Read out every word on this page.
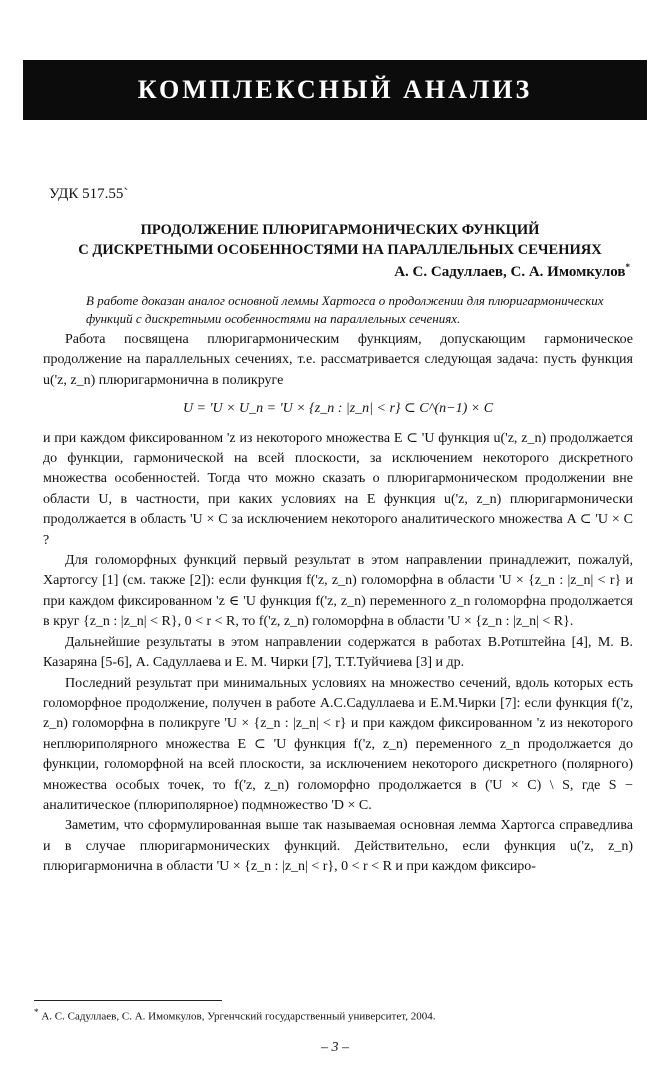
КОМПЛЕКСНЫЙ АНАЛИЗ
УДК 517.55`
ПРОДОЛЖЕНИЕ ПЛЮРИГАРМОНИЧЕСКИХ ФУНКЦИЙ
С ДИСКРЕТНЫМИ ОСОБЕННОСТЯМИ НА ПАРАЛЛЕЛЬНЫХ СЕЧЕНИЯХ
А. С. Садуллаев, С. А. Имомкулов*
В работе доказан аналог основной леммы Хартогса о продолжении для плюригармонических функций с дискретными особенностями на параллельных сечениях.

Работа посвящена плюригармоническим функциям, допускающим гармоническое продолжение на параллельных сечениях, т.е. рассматривается следующая задача: пусть функция u('z, z_n) плюригармонична в поликруге

U = 'U × U_n = 'U × {z_n : |z_n| < r} ⊂ C^(n−1) × C

и при каждом фиксированном 'z из некоторого множества E ⊂ 'U функция u('z, z_n) продолжается до функции, гармонической на всей плоскости, за исключением некоторого дискретного множества особенностей. Тогда что можно сказать о плюригармоническом продолжении вне области U, в частности, при каких условиях на E функция u('z, z_n) плюригармонически продолжается в область 'U × C за исключением некоторого аналитического множества A ⊂ 'U × C ?

Для голоморфных функций первый результат в этом направлении принадлежит, пожалуй, Хартогсу [1] (см. также [2]): если функция f('z, z_n) голоморфна в области 'U × {z_n : |z_n| < r} и при каждом фиксированном 'z ∈ 'U функция f('z, z_n) переменного z_n голоморфна продолжается в круг {z_n : |z_n| < R}, 0 < r < R, то f('z, z_n) голоморфна в области 'U × {z_n : |z_n| < R}.

Дальнейшие результаты в этом направлении содержатся в работах В.Ротштейна [4], М. В. Казаряна [5-6], А. Садуллаева и Е. М. Чирки [7], Т.Т.Туйчиева [3] и др.

Последний результат при минимальных условиях на множество сечений, вдоль которых есть голоморфное продолжение, получен в работе А.С.Садуллаева и Е.М.Чирки [7]: если функция f('z, z_n) голоморфна в поликруге 'U × {z_n : |z_n| < r} и при каждом фиксированном 'z из некоторого неплюриполярного множества E ⊂ 'U функция f('z, z_n) переменного z_n продолжается до функции, голоморфной на всей плоскости, за исключением некоторого дискретного (полярного) множества особых точек, то f('z, z_n) голоморфно продолжается в ('U × C) \ S, где S − аналитическое (плюриполярное) подмножество 'D × C.

Заметим, что сформулированная выше так называемая основная лемма Хартогса справедлива и в случае плюригармонических функций. Действительно, если функция u('z, z_n) плюригармонична в области 'U × {z_n : |z_n| < r}, 0 < r < R и при каждом фиксиро-

* А. С. Садуллаев, С. А. Имомкулов, Ургенчский государственный университет, 2004.
– 3 –
